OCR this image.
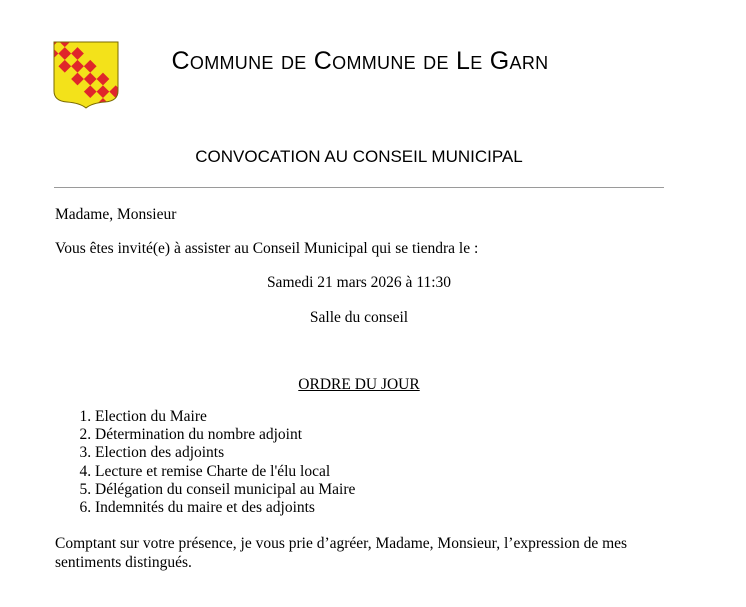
Commune de Commune de Le Garn
CONVOCATION AU CONSEIL MUNICIPAL
Madame, Monsieur
Vous êtes invité(e) à assister au Conseil Municipal qui se tiendra le :
Samedi 21 mars 2026 à 11:30
Salle du conseil
ORDRE DU JOUR
1. Election du Maire
2. Détermination du nombre adjoint
3. Election des adjoints
4. Lecture et remise Charte de l'élu local
5. Délégation du conseil municipal au Maire
6. Indemnités du maire et des adjoints
Comptant sur votre présence, je vous prie d’agréer, Madame, Monsieur, l’expression de mes sentiments distingués.
